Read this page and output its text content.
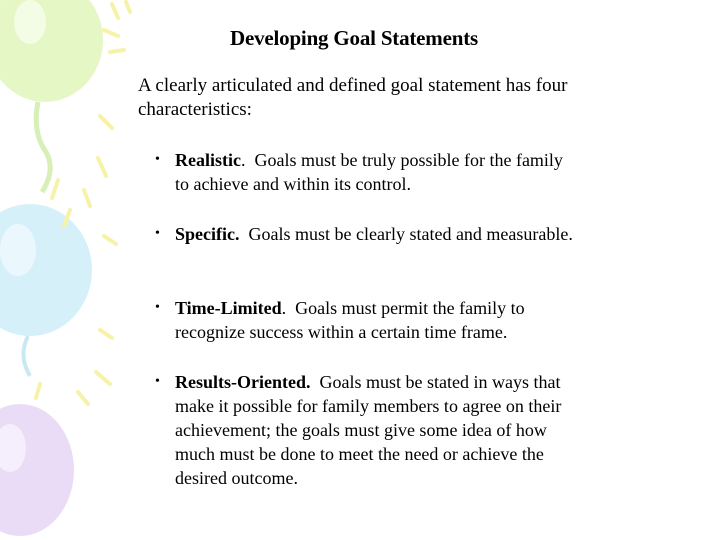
Developing Goal Statements

A clearly articulated and defined goal statement has four characteristics:

• Realistic.  Goals must be truly possible for the family to achieve and within its control.
• Specific. Goals must be clearly stated and measurable.
• Time-Limited.  Goals must permit the family to recognize success within a certain time frame.
• Results-Oriented. Goals must be stated in ways that make it possible for family members to agree on their achievement; the goals must give some idea of how much must be done to meet the need or achieve the desired outcome.
